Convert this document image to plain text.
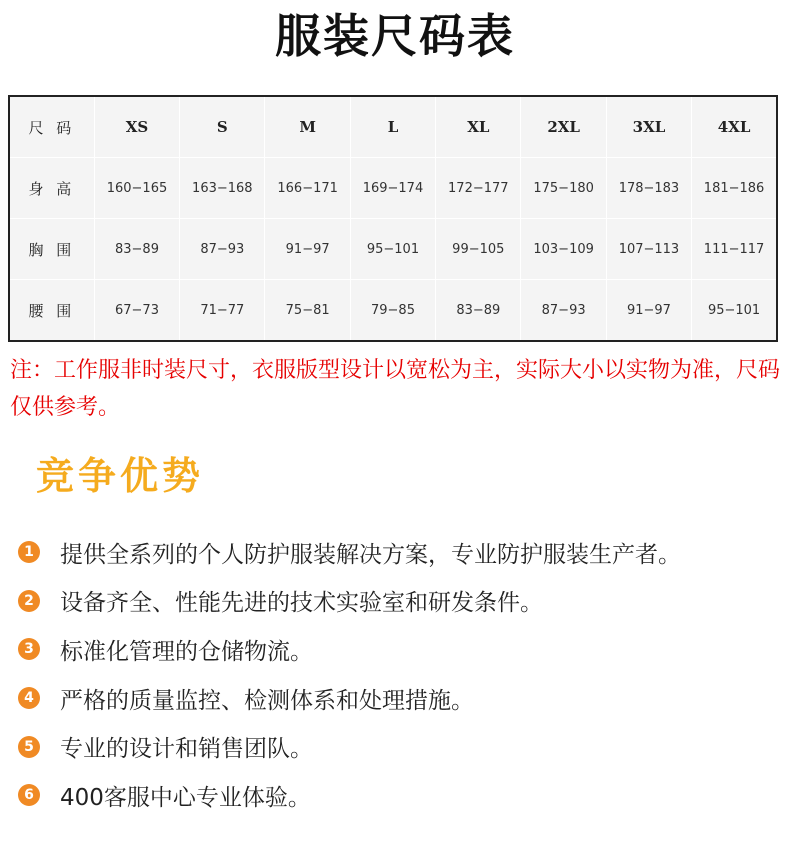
服装尺码表
尺 码	XS	S	M	L	XL	2XL	3XL	4XL
身 高	160−165	163−168	166−171	169−174	172−177	175−180	178−183	181−186
胸 围	83−89	87−93	91−97	95−101	99−105	103−109	107−113	111−117
腰 围	67−73	71−77	75−81	79−85	83−89	87−93	91−97	95−101
注：工作服非时装尺寸，衣服版型设计以宽松为主，实际大小以实物为准，尺码仅供参考。
竞争优势
1 提供全系列的个人防护服装解决方案，专业防护服装生产者。
2 设备齐全、性能先进的技术实验室和研发条件。
3 标准化管理的仓储物流。
4 严格的质量监控、检测体系和处理措施。
5 专业的设计和销售团队。
6 400客服中心专业体验。
